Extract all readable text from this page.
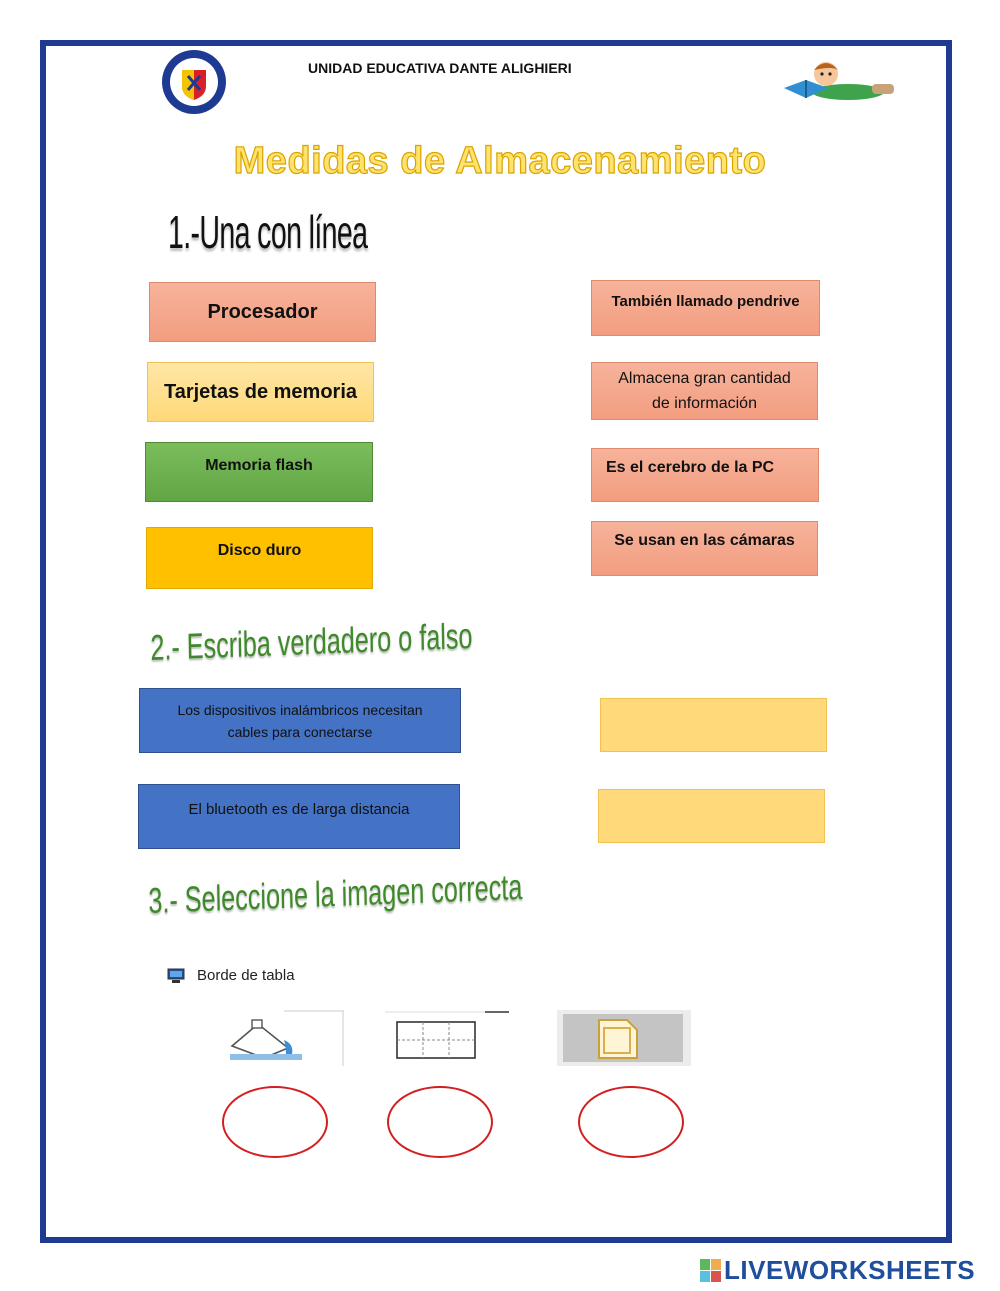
UNIDAD EDUCATIVA DANTE ALIGHIERI
Medidas de Almacenamiento
1.-Una con línea
Procesador
Tarjetas de memoria
Memoria flash
Disco duro
También llamado pendrive
Almacena gran cantidad de información
Es el cerebro de la PC
Se usan en las cámaras
2.- Escriba verdadero o falso
Los dispositivos inalámbricos necesitan cables para conectarse
El bluetooth es de larga distancia
3.- Seleccione la imagen correcta
Borde de tabla
LIVEWORKSHEETS
